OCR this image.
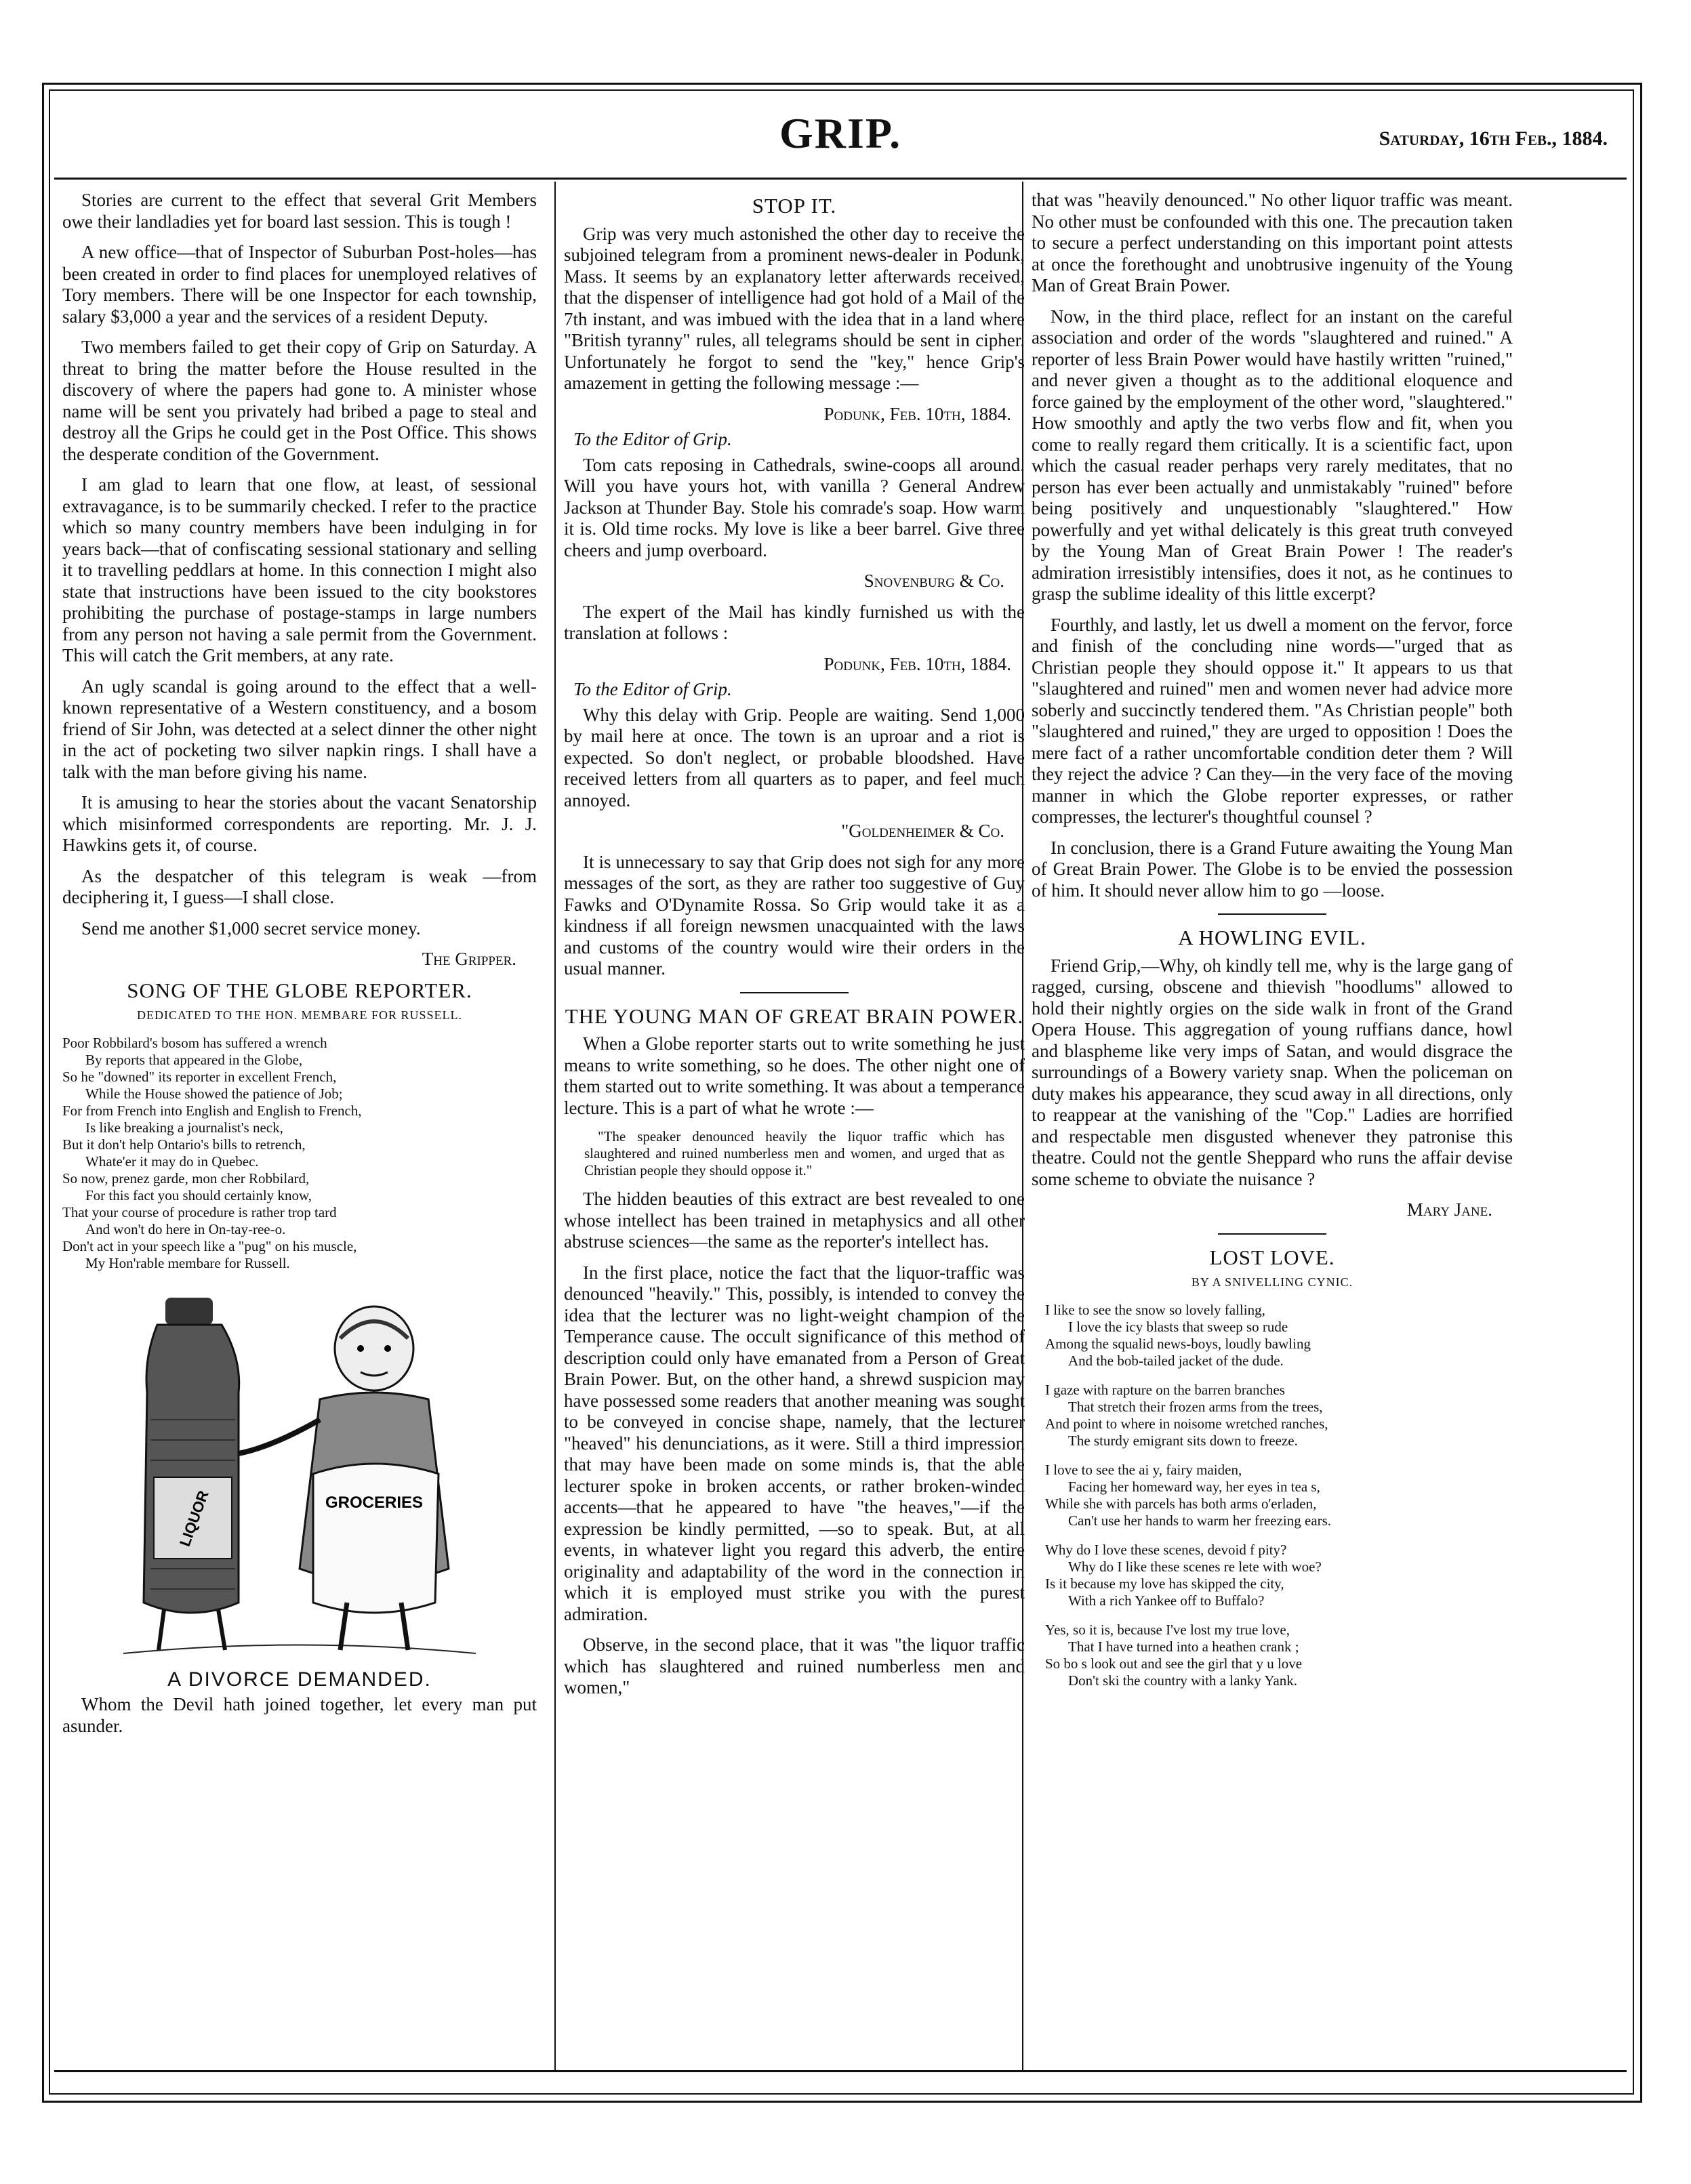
GRIP.	Saturday, 16th Feb., 1884.

Stories are current to the effect that several Grit Members owe their landladies yet for board last session. This is tough !

A new office—that of Inspector of Suburban Post-holes—has been created in order to find places for unemployed relatives of Tory members. There will be one Inspector for each township, salary $3,000 a year and the services of a resident Deputy.

Two members failed to get their copy of Grip on Saturday. A threat to bring the matter before the House resulted in the discovery of where the papers had gone to. A minister whose name will be sent you privately had bribed a page to steal and destroy all the Grips he could get in the Post Office. This shows the desperate condition of the Government.

I am glad to learn that one flow, at least, of sessional extravagance, is to be summarily checked. I refer to the practice which so many country members have been indulging in for years back—that of confiscating sessional stationary and selling it to travelling peddlars at home. In this connection I might also state that instructions have been issued to the city bookstores prohibiting the purchase of postage-stamps in large numbers from any person not having a sale permit from the Government. This will catch the Grit members, at any rate.

An ugly scandal is going around to the effect that a well-known representative of a Western constituency, and a bosom friend of Sir John, was detected at a select dinner the other night in the act of pocketing two silver napkin rings. I shall have a talk with the man before giving his name.

It is amusing to hear the stories about the vacant Senatorship which misinformed correspondents are reporting. Mr. J. J. Hawkins gets it, of course.

As the despatcher of this telegram is weak —from deciphering it, I guess—I shall close.

Send me another $1,000 secret service money.

The Gripper.
SONG OF THE GLOBE REPORTER.
DEDICATED TO THE HON. MEMBARE FOR RUSSELL.
Poor Robbilard's bosom has suffered a wrench
By reports that appeared in the Globe,
So he "downed" its reporter in excellent French,
While the House showed the patience of Job;
For from French into English and English to French,
Is like breaking a journalist's neck,
But it don't help Ontario's bills to retrench,
Whate'er it may do in Quebec.
So now, prenez garde, mon cher Robbilard,
For this fact you should certainly know,
That your course of procedure is rather trop tard
And won't do here in On-tay-ree-o.
Don't act in your speech like a "pug" on his muscle,
My Hon'rable membare for Russell.
LIQUOR	GROCERIES
A DIVORCE DEMANDED.

Whom the Devil hath joined together, let every man put asunder.

STOP IT.

Grip was very much astonished the other day to receive the subjoined telegram from a prominent news-dealer in Podunk, Mass. It seems by an explanatory letter afterwards received, that the dispenser of intelligence had got hold of a Mail of the 7th instant, and was imbued with the idea that in a land where "British tyranny" rules, all telegrams should be sent in cipher. Unfortunately he forgot to send the "key," hence Grip's amazement in getting the following message :—

Podunk, Feb. 10th, 1884.
To the Editor of Grip.

Tom cats reposing in Cathedrals, swine-coops all around. Will you have yours hot, with vanilla ? General Andrew Jackson at Thunder Bay. Stole his comrade's soap. How warm it is. Old time rocks. My love is like a beer barrel. Give three cheers and jump overboard.

Snovenburg & Co.

The expert of the Mail has kindly furnished us with the translation at follows :

Podunk, Feb. 10th, 1884.
To the Editor of Grip.

Why this delay with Grip. People are waiting. Send 1,000 by mail here at once. The town is an uproar and a riot is expected. So don't neglect, or probable bloodshed. Have received letters from all quarters as to paper, and feel much annoyed.

"Goldenheimer & Co.

It is unnecessary to say that Grip does not sigh for any more messages of the sort, as they are rather too suggestive of Guy Fawks and O'Dynamite Rossa. So Grip would take it as a kindness if all foreign newsmen unacquainted with the laws and customs of the country would wire their orders in the usual manner.

THE YOUNG MAN OF GREAT BRAIN POWER.

When a Globe reporter starts out to write something he just means to write something, so he does. The other night one of them started out to write something. It was about a temperance lecture. This is a part of what he wrote :—

"The speaker denounced heavily the liquor traffic which has slaughtered and ruined numberless men and women, and urged that as Christian people they should oppose it."

The hidden beauties of this extract are best revealed to one whose intellect has been trained in metaphysics and all other abstruse sciences—the same as the reporter's intellect has.

In the first place, notice the fact that the liquor-traffic was denounced "heavily." This, possibly, is intended to convey the idea that the lecturer was no light-weight champion of the Temperance cause. The occult significance of this method of description could only have emanated from a Person of Great Brain Power. But, on the other hand, a shrewd suspicion may have possessed some readers that another meaning was sought to be conveyed in concise shape, namely, that the lecturer "heaved" his denunciations, as it were. Still a third impression that may have been made on some minds is, that the able lecturer spoke in broken accents, or rather broken-winded accents—that he appeared to have "the heaves,"—if the expression be kindly permitted, —so to speak. But, at all events, in whatever light you regard this adverb, the entire originality and adaptability of the word in the connection in which it is employed must strike you with the purest admiration.

Observe, in the second place, that it was "the liquor traffic which has slaughtered and ruined numberless men and women,"

that was "heavily denounced." No other liquor traffic was meant. No other must be confounded with this one. The precaution taken to secure a perfect understanding on this important point attests at once the forethought and unobtrusive ingenuity of the Young Man of Great Brain Power.

Now, in the third place, reflect for an instant on the careful association and order of the words "slaughtered and ruined." A reporter of less Brain Power would have hastily written "ruined," and never given a thought as to the additional eloquence and force gained by the employment of the other word, "slaughtered." How smoothly and aptly the two verbs flow and fit, when you come to really regard them critically. It is a scientific fact, upon which the casual reader perhaps very rarely meditates, that no person has ever been actually and unmistakably "ruined" before being positively and unquestionably "slaughtered." How powerfully and yet withal delicately is this great truth conveyed by the Young Man of Great Brain Power ! The reader's admiration irresistibly intensifies, does it not, as he continues to grasp the sublime ideality of this little excerpt?

Fourthly, and lastly, let us dwell a moment on the fervor, force and finish of the concluding nine words—"urged that as Christian people they should oppose it." It appears to us that "slaughtered and ruined" men and women never had advice more soberly and succinctly tendered them. "As Christian people" both "slaughtered and ruined," they are urged to opposition ! Does the mere fact of a rather uncomfortable condition deter them ? Will they reject the advice ? Can they—in the very face of the moving manner in which the Globe reporter expresses, or rather compresses, the lecturer's thoughtful counsel ?

In conclusion, there is a Grand Future awaiting the Young Man of Great Brain Power. The Globe is to be envied the possession of him. It should never allow him to go —loose.

A HOWLING EVIL.

Friend Grip,—Why, oh kindly tell me, why is the large gang of ragged, cursing, obscene and thievish "hoodlums" allowed to hold their nightly orgies on the side walk in front of the Grand Opera House. This aggregation of young ruffians dance, howl and blaspheme like very imps of Satan, and would disgrace the surroundings of a Bowery variety snap. When the policeman on duty makes his appearance, they scud away in all directions, only to reappear at the vanishing of the "Cop." Ladies are horrified and respectable men disgusted whenever they patronise this theatre. Could not the gentle Sheppard who runs the affair devise some scheme to obviate the nuisance ?

Mary Jane.
LOST LOVE.
BY A SNIVELLING CYNIC.
I like to see the snow so lovely falling,
I love the icy blasts that sweep so rude
Among the squalid news-boys, loudly bawling
And the bob-tailed jacket of the dude.
I gaze with rapture on the barren branches
That stretch their frozen arms from the trees,
And point to where in noisome wretched ranches,
The sturdy emigrant sits down to freeze.
I love to see the ai y, fairy maiden,
Facing her homeward way, her eyes in tea s,
While she with parcels has both arms o'erladen,
Can't use her hands to warm her freezing ears.
Why do I love these scenes, devoid f pity?
Why do I like these scenes re lete with woe?
Is it because my love has skipped the city,
With a rich Yankee off to Buffalo?
Yes, so it is, because I've lost my true love,
That I have turned into a heathen crank ;
So bo s look out and see the girl that y u love
Don't ski the country with a lanky Yank.
